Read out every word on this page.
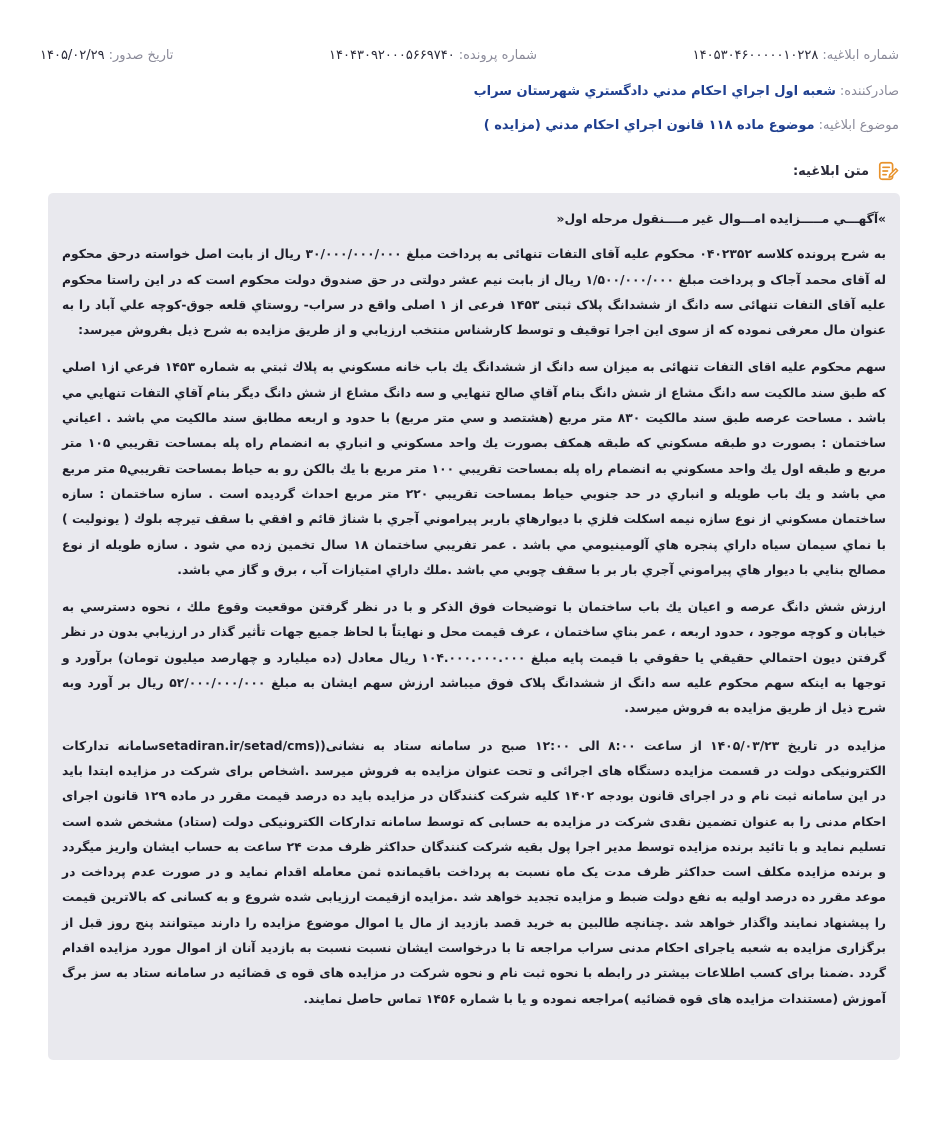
شماره ابلاغیه:
۱۴۰۵۳۰۴۶۰۰۰۰۰۱۰۲۲۸
شماره پرونده:
۱۴۰۴۳۰۹۲۰۰۰۵۶۶۹۷۴۰
تاریخ صدور:
۱۴۰۵/۰۲/۲۹
صادرکننده:
شعبه اول اجراي احکام مدني دادگستري شهرستان سراب
موضوع ابلاغیه:
موضوع ماده ۱۱۸ قانون اجراي احکام مدني (مزايده )
متن ابلاغیه:

»آگهـــي مـــــزايده امـــوال غير مــــنقول مرحله اول«

به شرح پرونده کلاسه ۰۴۰۲۳۵۲ محکوم علیه آقای التفات تنهائی به پرداخت مبلغ ۳۰/۰۰۰/۰۰۰/۰۰۰ ريال از بابت اصل خواسته درحق محکوم له آقای محمد آجاک و پرداخت مبلغ ۱/۵۰۰/۰۰۰/۰۰۰ ريال از بابت نیم عشر دولتی در حق صندوق دولت محکوم است که در این راستا محکوم علیه آقای التفات تنهائی سه دانگ از ششدانگ پلاک ثبتی ۱۴۵۳ فرعی از ۱ اصلی واقع در سراب- روستاي قلعه جوق-کوچه علي آباد را به عنوان مال معرفی نموده که از سوی این اجرا توقیف و توسط کارشناس منتخب ارزيابي و از طريق مزايده به شرح ذيل بفروش ميرسد:

سهم محکوم علیه اقای التفات تنهائی به میزان سه دانگ از ششدانگ يك باب خانه مسکوني به پلاك ثبتي به شماره ۱۴۵۳ فرعي از۱ اصلي كه طبق سند مالكيت سه دانگ مشاع از شش دانگ بنام آقاي صالح تنهايي و سه دانگ مشاع از شش دانگ ديگر بنام آقاي التفات تنهايي مي باشد . مساحت عرصه طبق سند مالكيت ۸۳۰ متر مربع (هشتصد و سي متر مربع) با حدود و اربعه مطابق سند مالكيت مي باشد . اعياني ساختمان : بصورت دو طبقه مسكوني كه طبقه همكف بصورت يك واحد مسكوني و انباري به انضمام راه پله بمساحت تقريبي ۱۰۵ متر مربع و طبقه اول يك واحد مسكوني به انضمام راه پله بمساحت تقريبي ۱۰۰ متر مربع با يك بالكن رو به حياط بمساحت تقريبي۵ متر مربع مي باشد و يك باب طويله و انباري در حد جنوبي حياط بمساحت تقريبي ۲۲۰ متر مربع احداث گرديده است . سازه ساختمان : سازه ساختمان مسكوني از نوع سازه نيمه اسكلت فلزي با ديوارهاي باربر پيراموني آجري با شناژ قائم و افقي با سقف تيرچه بلوك ( يونوليت ) با نماي سيمان سياه داراي پنجره هاي آلومينيومي مي باشد . عمر تفريبي ساختمان ۱۸ سال تخمين زده مي شود . سازه طويله از نوع مصالح بنايي با ديوار هاي پيراموني آجري بار بر با سقف چوبي مي باشد .ملك داراي امتيازات آب ، برق و گاز مي باشد.

ارزش شش دانگ عرصه و اعيان يك باب ساختمان با توضيحات فوق الذكر و با در نظر گرفتن موقعيت وقوع ملك ، نحوه دسترسي به خيابان و كوچه موجود ، حدود اربعه ، عمر بناي ساختمان ، عرف قيمت محل و نهايتاً با لحاظ جميع جهات تأثير گذار در ارزيابي بدون در نظر گرفتن ديون احتمالي حقيقي يا حقوقي با قيمت پایه مبلغ ۱۰۴.۰۰۰.۰۰۰.۰۰۰ ريال معادل (ده ميليارد و چهارصد ميليون تومان) برآورد و توجها به اينكه سهم محکوم علیه سه دانگ از ششدانگ پلاک فوق میباشد ارزش سهم ایشان به مبلغ ۵۲/۰۰۰/۰۰۰/۰۰۰ ريال بر آورد وبه شرح ذیل از طريق مزايده به فروش ميرسد.

مزايده در تاريخ ۱۴۰۵/۰۳/۲۳ از ساعت ۸:۰۰ الی ۱۲:۰۰ صبح در سامانه ستاد به نشانی((setadiran.ir/setad/cmsسامانه تدارکات الکترونيکی دولت در قسمت مزايده دستگاه های اجرائی و تحت عنوان مزايده به فروش ميرسد .اشخاص برای شرکت در مزايده ابتدا بايد در اين سامانه ثبت نام و در اجرای قانون بودجه ۱۴۰۲ کليه شرکت کنندگان در مزايده بايد ده درصد قيمت مقرر در ماده ۱۲۹ قانون اجرای احکام مدنی را به عنوان تضمين نقدی شرکت در مزايده به حسابی که توسط سامانه تدارکات الکترونيکی دولت (ستاد) مشخص شده است تسليم نمايد و با تائيد برنده مزايده توسط مدير اجرا پول بقيه شرکت کنندگان حداکثر ظرف مدت ۲۴ ساعت به حساب ايشان واريز ميگردد و برنده مزايده مکلف است حداکثر ظرف مدت يک ماه نسبت به پرداخت باقيمانده ثمن معامله اقدام نمايد و در صورت عدم پرداخت در موعد مقرر ده درصد اوليه به نفع دولت ضبط و مزايده تجديد خواهد شد .مزايده ازقيمت ارزيابی شده شروع و به کسانی که بالاترين قيمت را پيشنهاد نمايند واگذار خواهد شد .چنانچه طالبين به خريد قصد بازديد از مال يا اموال موضوع مزايده را دارند ميتوانند پنج روز قبل از برگزاری مزايده به شعبه ياجرای احکام مدنی سراب مراجعه تا با درخواست ايشان نسبت نسبت به بازديد آنان از اموال مورد مزايده اقدام گردد .ضمنا برای کسب اطلاعات بيشتر در رابطه با نحوه ثبت نام و نحوه شرکت در مزايده های قوه ی قضائيه در سامانه ستاد به سز برگ آموزش (مستندات مزايده های قوه قضائيه )مراجعه نموده و يا با شماره ۱۴۵۶ تماس حاصل نمايند.
